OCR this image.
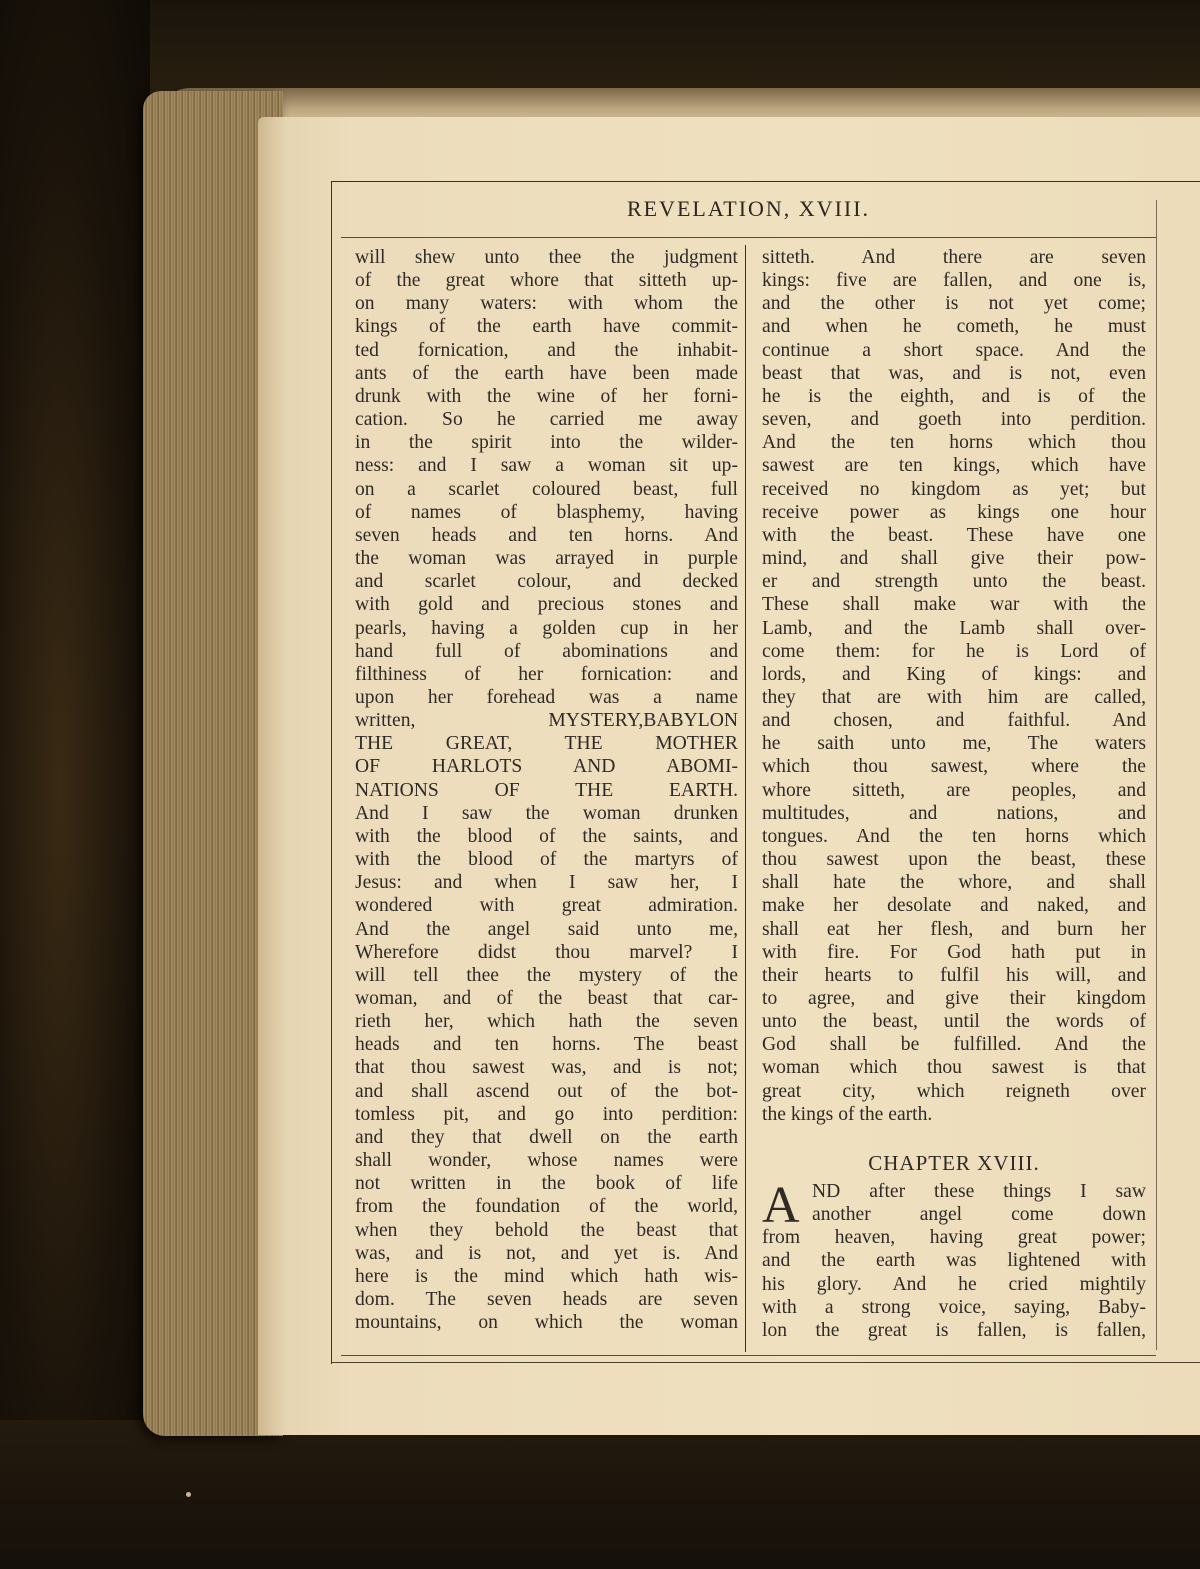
REVELATION, XVIII.
will shew unto thee the judgment
of the great whore that sitteth up-
on many waters: with whom the
kings of the earth have commit-
ted fornication, and the inhabit-
ants of the earth have been made
drunk with the wine of her forni-
cation. So he carried me away
in the spirit into the wilder-
ness: and I saw a woman sit up-
on a scarlet coloured beast, full
of names of blasphemy, having
seven heads and ten horns. And
the woman was arrayed in purple
and scarlet colour, and decked
with gold and precious stones and
pearls, having a golden cup in her
hand full of abominations and
filthiness of her fornication: and
upon her forehead was a name
written, MYSTERY,BABYLON
THE GREAT, THE MOTHER
OF HARLOTS AND ABOMI-
NATIONS OF THE EARTH.
And I saw the woman drunken
with the blood of the saints, and
with the blood of the martyrs of
Jesus: and when I saw her, I
wondered with great admiration.
And the angel said unto me,
Wherefore didst thou marvel? I
will tell thee the mystery of the
woman, and of the beast that car-
rieth her, which hath the seven
heads and ten horns. The beast
that thou sawest was, and is not;
and shall ascend out of the bot-
tomless pit, and go into perdition:
and they that dwell on the earth
shall wonder, whose names were
not written in the book of life
from the foundation of the world,
when they behold the beast that
was, and is not, and yet is. And
here is the mind which hath wis-
dom. The seven heads are seven
mountains, on which the woman
sitteth. And there are seven
kings: five are fallen, and one is,
and the other is not yet come;
and when he cometh, he must
continue a short space. And the
beast that was, and is not, even
he is the eighth, and is of the
seven, and goeth into perdition.
And the ten horns which thou
sawest are ten kings, which have
received no kingdom as yet; but
receive power as kings one hour
with the beast. These have one
mind, and shall give their pow-
er and strength unto the beast.
These shall make war with the
Lamb, and the Lamb shall over-
come them: for he is Lord of
lords, and King of kings: and
they that are with him are called,
and chosen, and faithful. And
he saith unto me, The waters
which thou sawest, where the
whore sitteth, are peoples, and
multitudes, and nations, and
tongues. And the ten horns which
thou sawest upon the beast, these
shall hate the whore, and shall
make her desolate and naked, and
shall eat her flesh, and burn her
with fire. For God hath put in
their hearts to fulfil his will, and
to agree, and give their kingdom
unto the beast, until the words of
God shall be fulfilled. And the
woman which thou sawest is that
great city, which reigneth over
the kings of the earth.
CHAPTER XVIII.
A ND after these things I saw
another angel come down
from heaven, having great power;
and the earth was lightened with
his glory. And he cried mightily
with a strong voice, saying, Baby-
lon the great is fallen, is fallen,
